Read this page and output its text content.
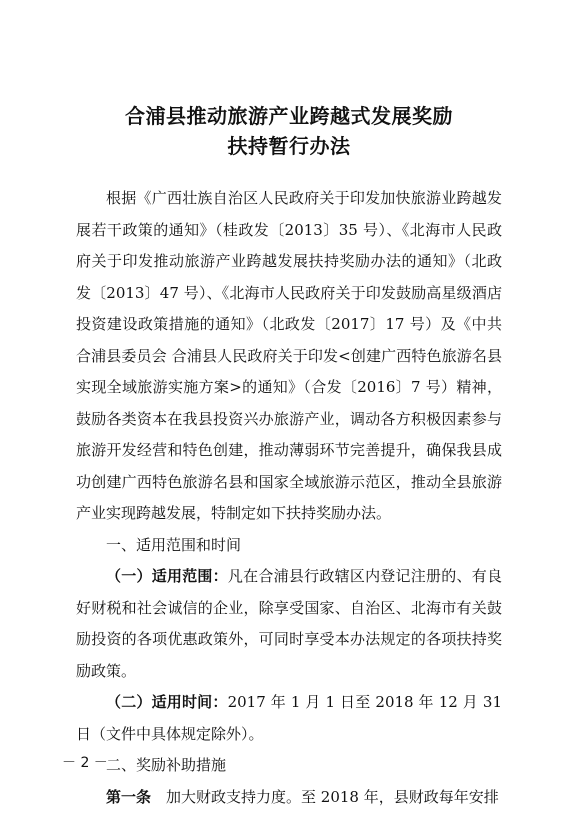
合浦县推动旅游产业跨越式发展奖励
扶持暂行办法

根据《广西壮族自治区人民政府关于印发加快旅游业跨越发展若干政策的通知》（桂政发〔2013〕35 号）、《北海市人民政府关于印发推动旅游产业跨越发展扶持奖励办法的通知》（北政发〔2013〕47 号）、《北海市人民政府关于印发鼓励高星级酒店投资建设政策措施的通知》（北政发〔2017〕17 号）及《中共合浦县委员会 合浦县人民政府关于印发<创建广西特色旅游名县实现全域旅游实施方案>的通知》（合发〔2016〕7 号）精神，鼓励各类资本在我县投资兴办旅游产业，调动各方积极因素参与旅游开发经营和特色创建，推动薄弱环节完善提升，确保我县成功创建广西特色旅游名县和国家全域旅游示范区，推动全县旅游产业实现跨越发展，特制定如下扶持奖励办法。

一、适用范围和时间

（一）适用范围：凡在合浦县行政辖区内登记注册的、有良好财税和社会诚信的企业，除享受国家、自治区、北海市有关鼓励投资的各项优惠政策外，可同时享受本办法规定的各项扶持奖励政策。

（二）适用时间：2017 年 1 月 1 日至 2018 年 12 月 31 日（文件中具体规定除外）。

二、奖励补助措施

第一条　加大财政支持力度。至 2018 年，县财政每年安排

－ 2 －
